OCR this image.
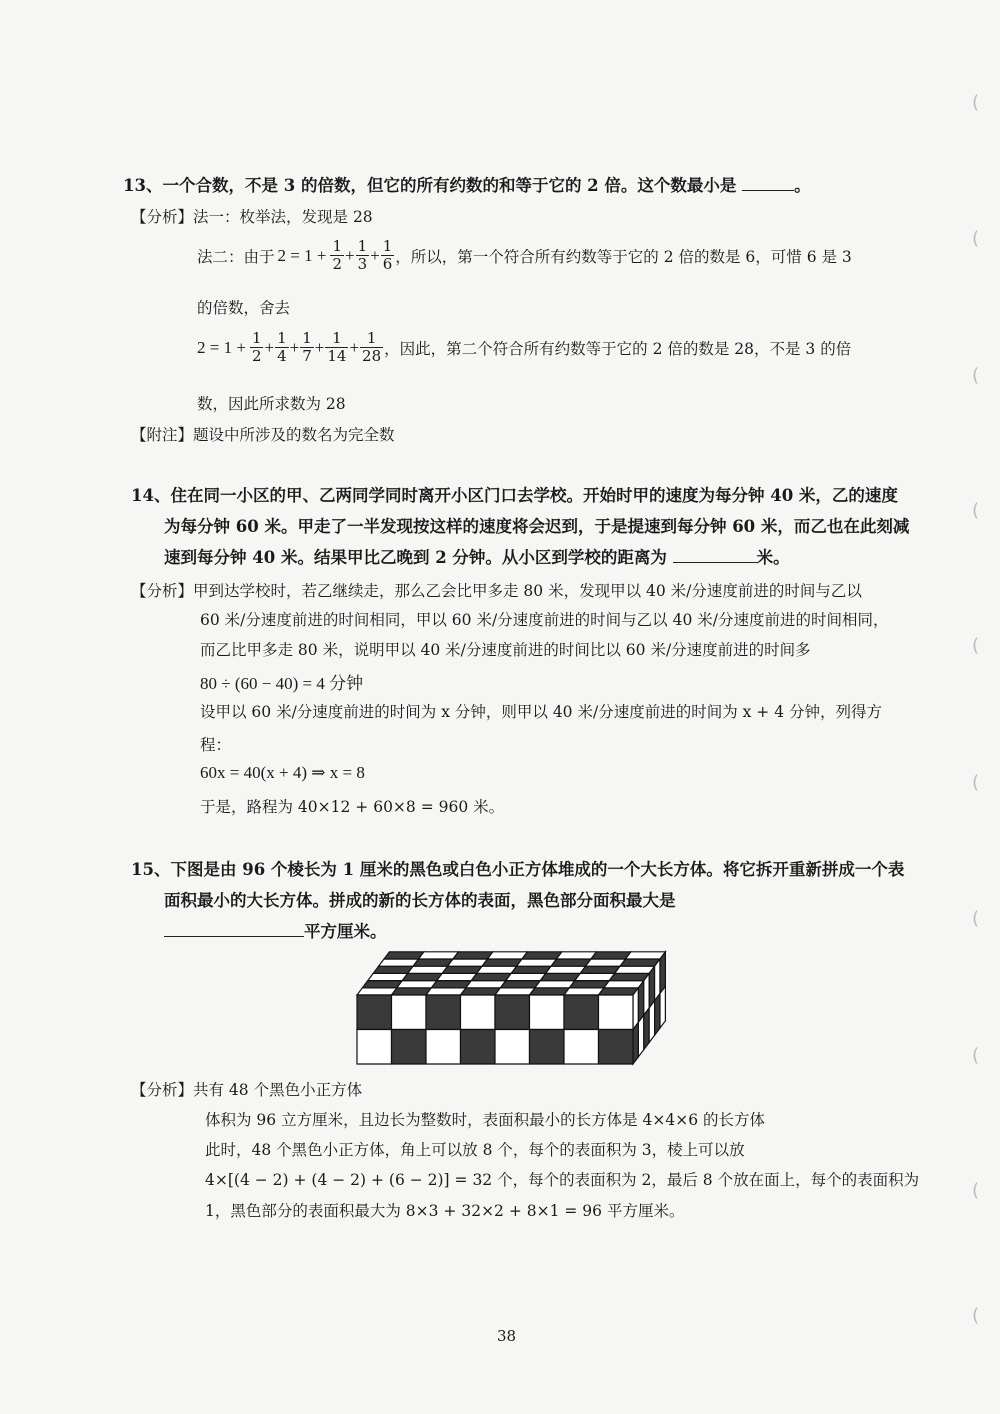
(
(
(
(
(
(
(
(
(
(
13、一个合数，不是 3 的倍数，但它的所有约数的和等于它的 2 倍。这个数最小是	。
【分析】法一：枚举法，发现是 28
法二：由于 $2 = 1 + \frac{1}{2} + \frac{1}{3} + \frac{1}{6}$ ，所以，第一个符合所有约数等于它的 2 倍的数是 6，可惜 6 是 3
的倍数，舍去
$2 = 1 + \frac{1}{2} + \frac{1}{4} + \frac{1}{7} + \frac{1}{14} + \frac{1}{28}$ ，因此，第二个符合所有约数等于它的 2 倍的数是 28，不是 3 的倍
数，因此所求数为 28
【附注】题设中所涉及的数名为完全数
14、住在同一小区的甲、乙两同学同时离开小区门口去学校。开始时甲的速度为每分钟 40 米，乙的速度
为每分钟 60 米。甲走了一半发现按这样的速度将会迟到，于是提速到每分钟 60 米，而乙也在此刻减
速到每分钟 40 米。结果甲比乙晚到 2 分钟。从小区到学校的距离为	米。
【分析】甲到达学校时，若乙继续走，那么乙会比甲多走 80 米，发现甲以 40 米/分速度前进的时间与乙以
60 米/分速度前进的时间相同，甲以 60 米/分速度前进的时间与乙以 40 米/分速度前进的时间相同，
而乙比甲多走 80 米，说明甲以 40 米/分速度前进的时间比以 60 米/分速度前进的时间多
80 ÷ (60 − 40) = 4 分钟
设甲以 60 米/分速度前进的时间为 x 分钟，则甲以 40 米/分速度前进的时间为 x + 4 分钟，列得方
程：
60x = 40(x + 4) ⇒ x = 8
于是，路程为 40×12 + 60×8 = 960 米。
15、下图是由 96 个棱长为 1 厘米的黑色或白色小正方体堆成的一个大长方体。将它拆开重新拼成一个表
面积最小的大长方体。拼成的新的长方体的表面，黑色部分面积最大是
平方厘米。
【分析】共有 48 个黑色小正方体
体积为 96 立方厘米，且边长为整数时，表面积最小的长方体是 4×4×6 的长方体
此时，48 个黑色小正方体，角上可以放 8 个，每个的表面积为 3，棱上可以放
4×[(4 − 2) + (4 − 2) + (6 − 2)] = 32 个，每个的表面积为 2，最后 8 个放在面上，每个的表面积为
1，黑色部分的表面积最大为 8×3 + 32×2 + 8×1 = 96 平方厘米。
38
